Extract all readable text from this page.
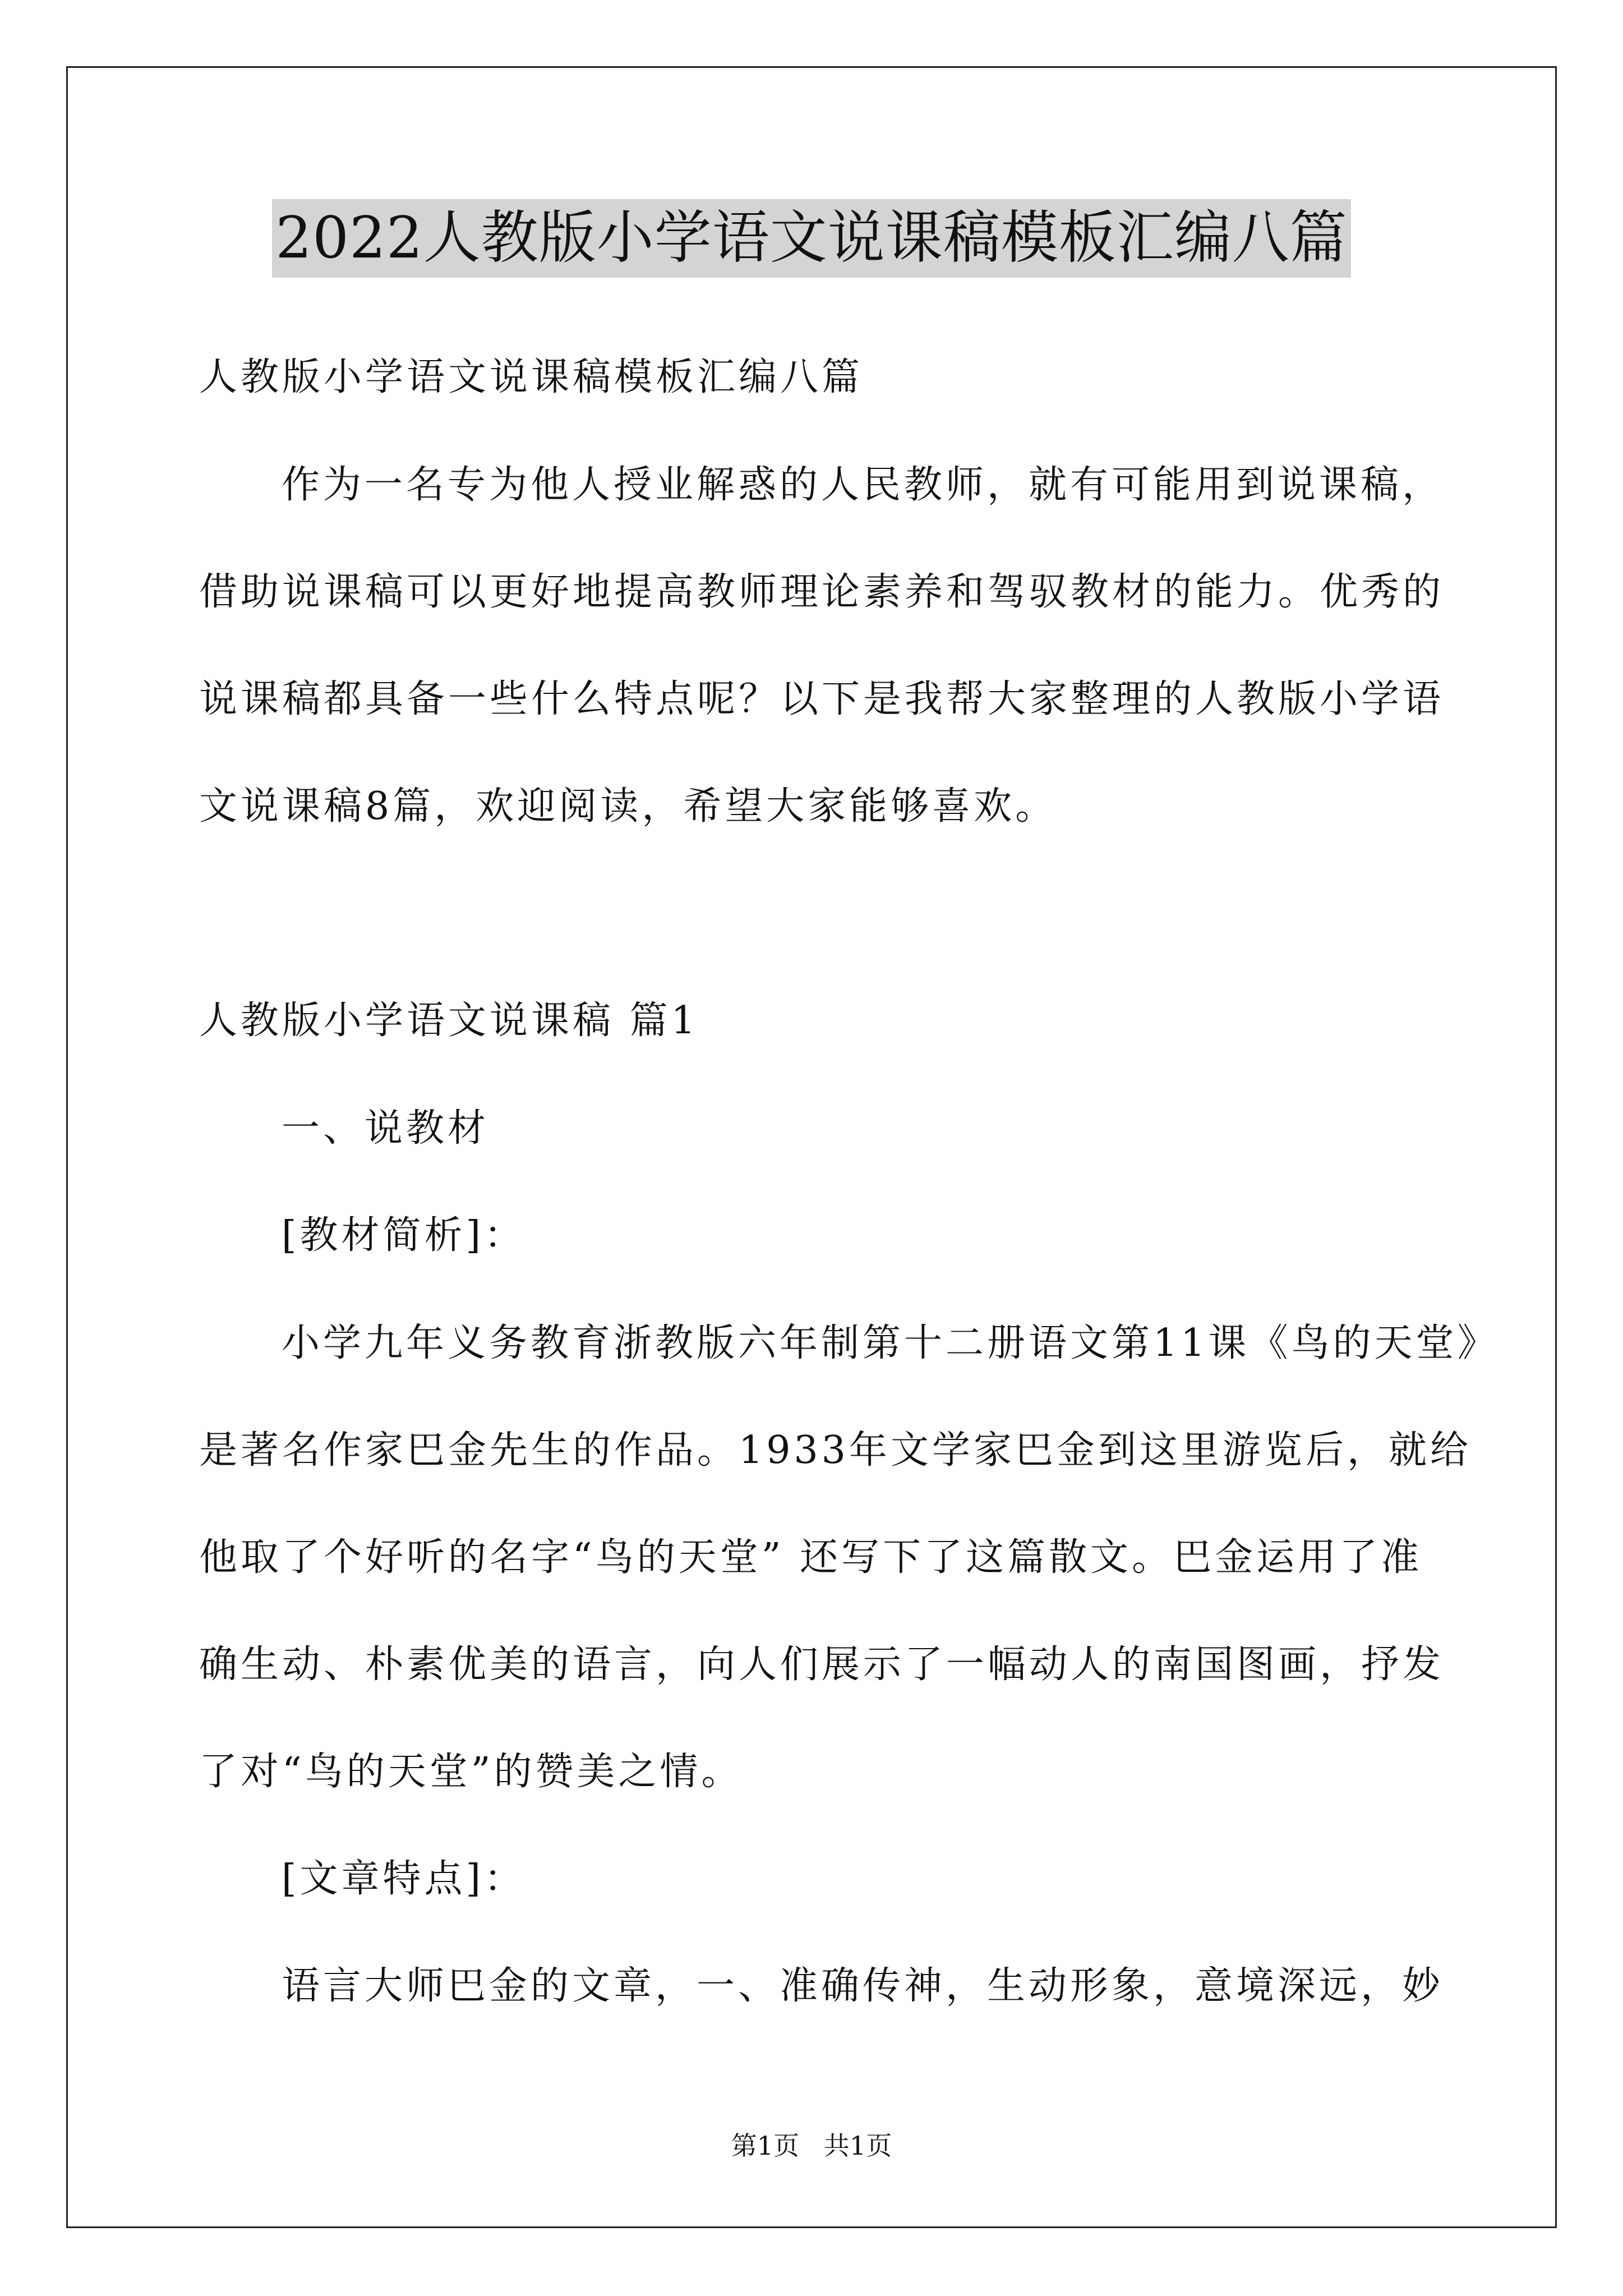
2022人教版小学语文说课稿模板汇编八篇
人教版小学语文说课稿模板汇编八篇
作为一名专为他人授业解惑的人民教师，就有可能用到说课稿，
借助说课稿可以更好地提高教师理论素养和驾驭教材的能力。优秀的
说课稿都具备一些什么特点呢？以下是我帮大家整理的人教版小学语
文说课稿8篇，欢迎阅读，希望大家能够喜欢。
人教版小学语文说课稿 篇1
一、说教材
[教材简析]：
小学九年义务教育浙教版六年制第十二册语文第11课《鸟的天堂》
是著名作家巴金先生的作品。1933年文学家巴金到这里游览后，就给
他取了个好听的名字“鸟的天堂” 还写下了这篇散文。巴金运用了准
确生动、朴素优美的语言，向人们展示了一幅动人的南国图画，抒发
了对“鸟的天堂”的赞美之情。
[文章特点]：
语言大师巴金的文章，一、准确传神，生动形象，意境深远，妙
第1页   共1页
